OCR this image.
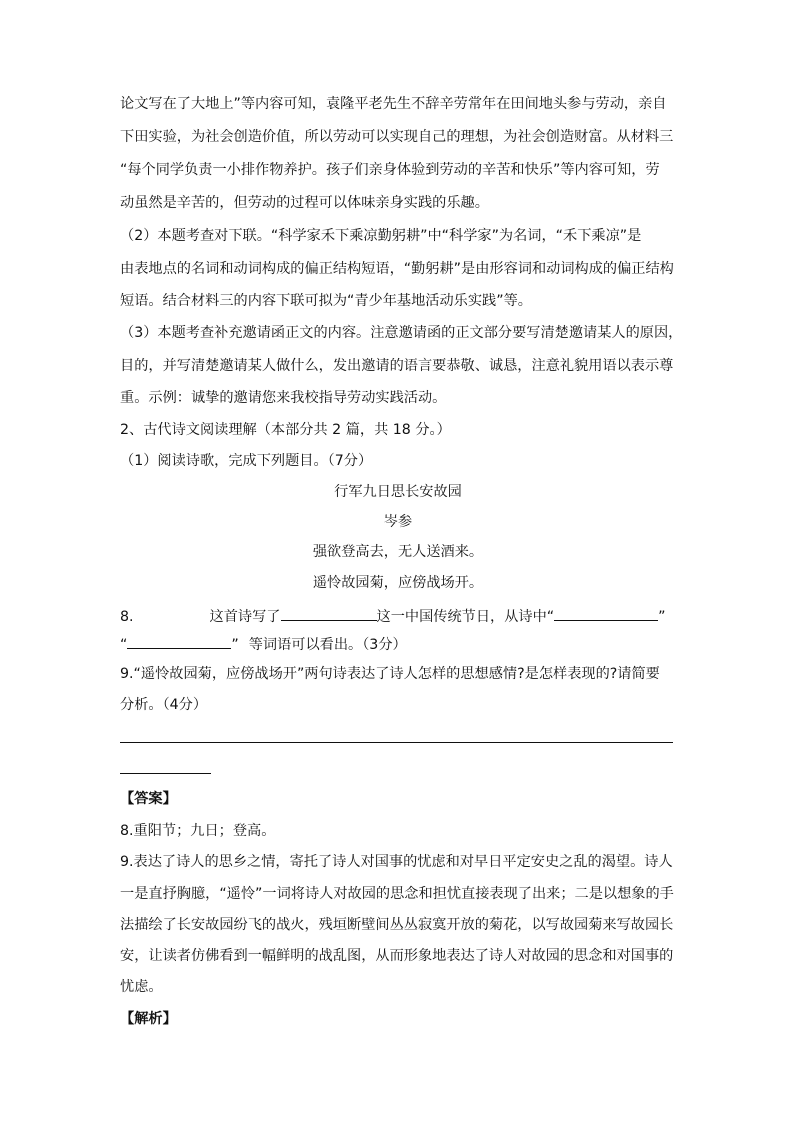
论文写在了大地上”等内容可知，袁隆平老先生不辞辛劳常年在田间地头参与劳动，亲自
下田实验，为社会创造价值，所以劳动可以实现自己的理想，为社会创造财富。从材料三
“每个同学负责一小排作物养护。孩子们亲身体验到劳动的辛苦和快乐”等内容可知，劳
动虽然是辛苦的，但劳动的过程可以体味亲身实践的乐趣。
（2）本题考查对下联。“科学家禾下乘凉勤躬耕”中“科学家”为名词，“禾下乘凉”是
由表地点的名词和动词构成的偏正结构短语，“勤躬耕”是由形容词和动词构成的偏正结构
短语。结合材料三的内容下联可拟为“青少年基地活动乐实践”等。
（3）本题考查补充邀请函正文的内容。注意邀请函的正文部分要写清楚邀请某人的原因，
目的，并写清楚邀请某人做什么，发出邀请的语言要恭敬、诚恳，注意礼貌用语以表示尊
重。示例：诚挚的邀请您来我校指导劳动实践活动。
2、古代诗文阅读理解（本部分共 2 篇，共 18 分。）
（1）阅读诗歌，完成下列题目。（7分）
行军九日思长安故园
岑参
强欲登高去，无人送酒来。
遥怜故园菊，应傍战场开。
8.	这首诗写了	这一中国传统节日，从诗中“	”
“	” 等词语可以看出。（3分）
9.“遥怜故园菊，应傍战场开”两句诗表达了诗人怎样的思想感情?是怎样表现的?请简要
分析。（4分）
【答案】
8.重阳节；九日；登高。
9.表达了诗人的思乡之情，寄托了诗人对国事的忧虑和对早日平定安史之乱的渴望。诗人
一是直抒胸臆，“遥怜”一词将诗人对故园的思念和担忧直接表现了出来；二是以想象的手
法描绘了长安故园纷飞的战火，残垣断壁间丛丛寂寞开放的菊花，以写故园菊来写故园长
安，让读者仿佛看到一幅鲜明的战乱图，从而形象地表达了诗人对故园的思念和对国事的
忧虑。
【解析】
